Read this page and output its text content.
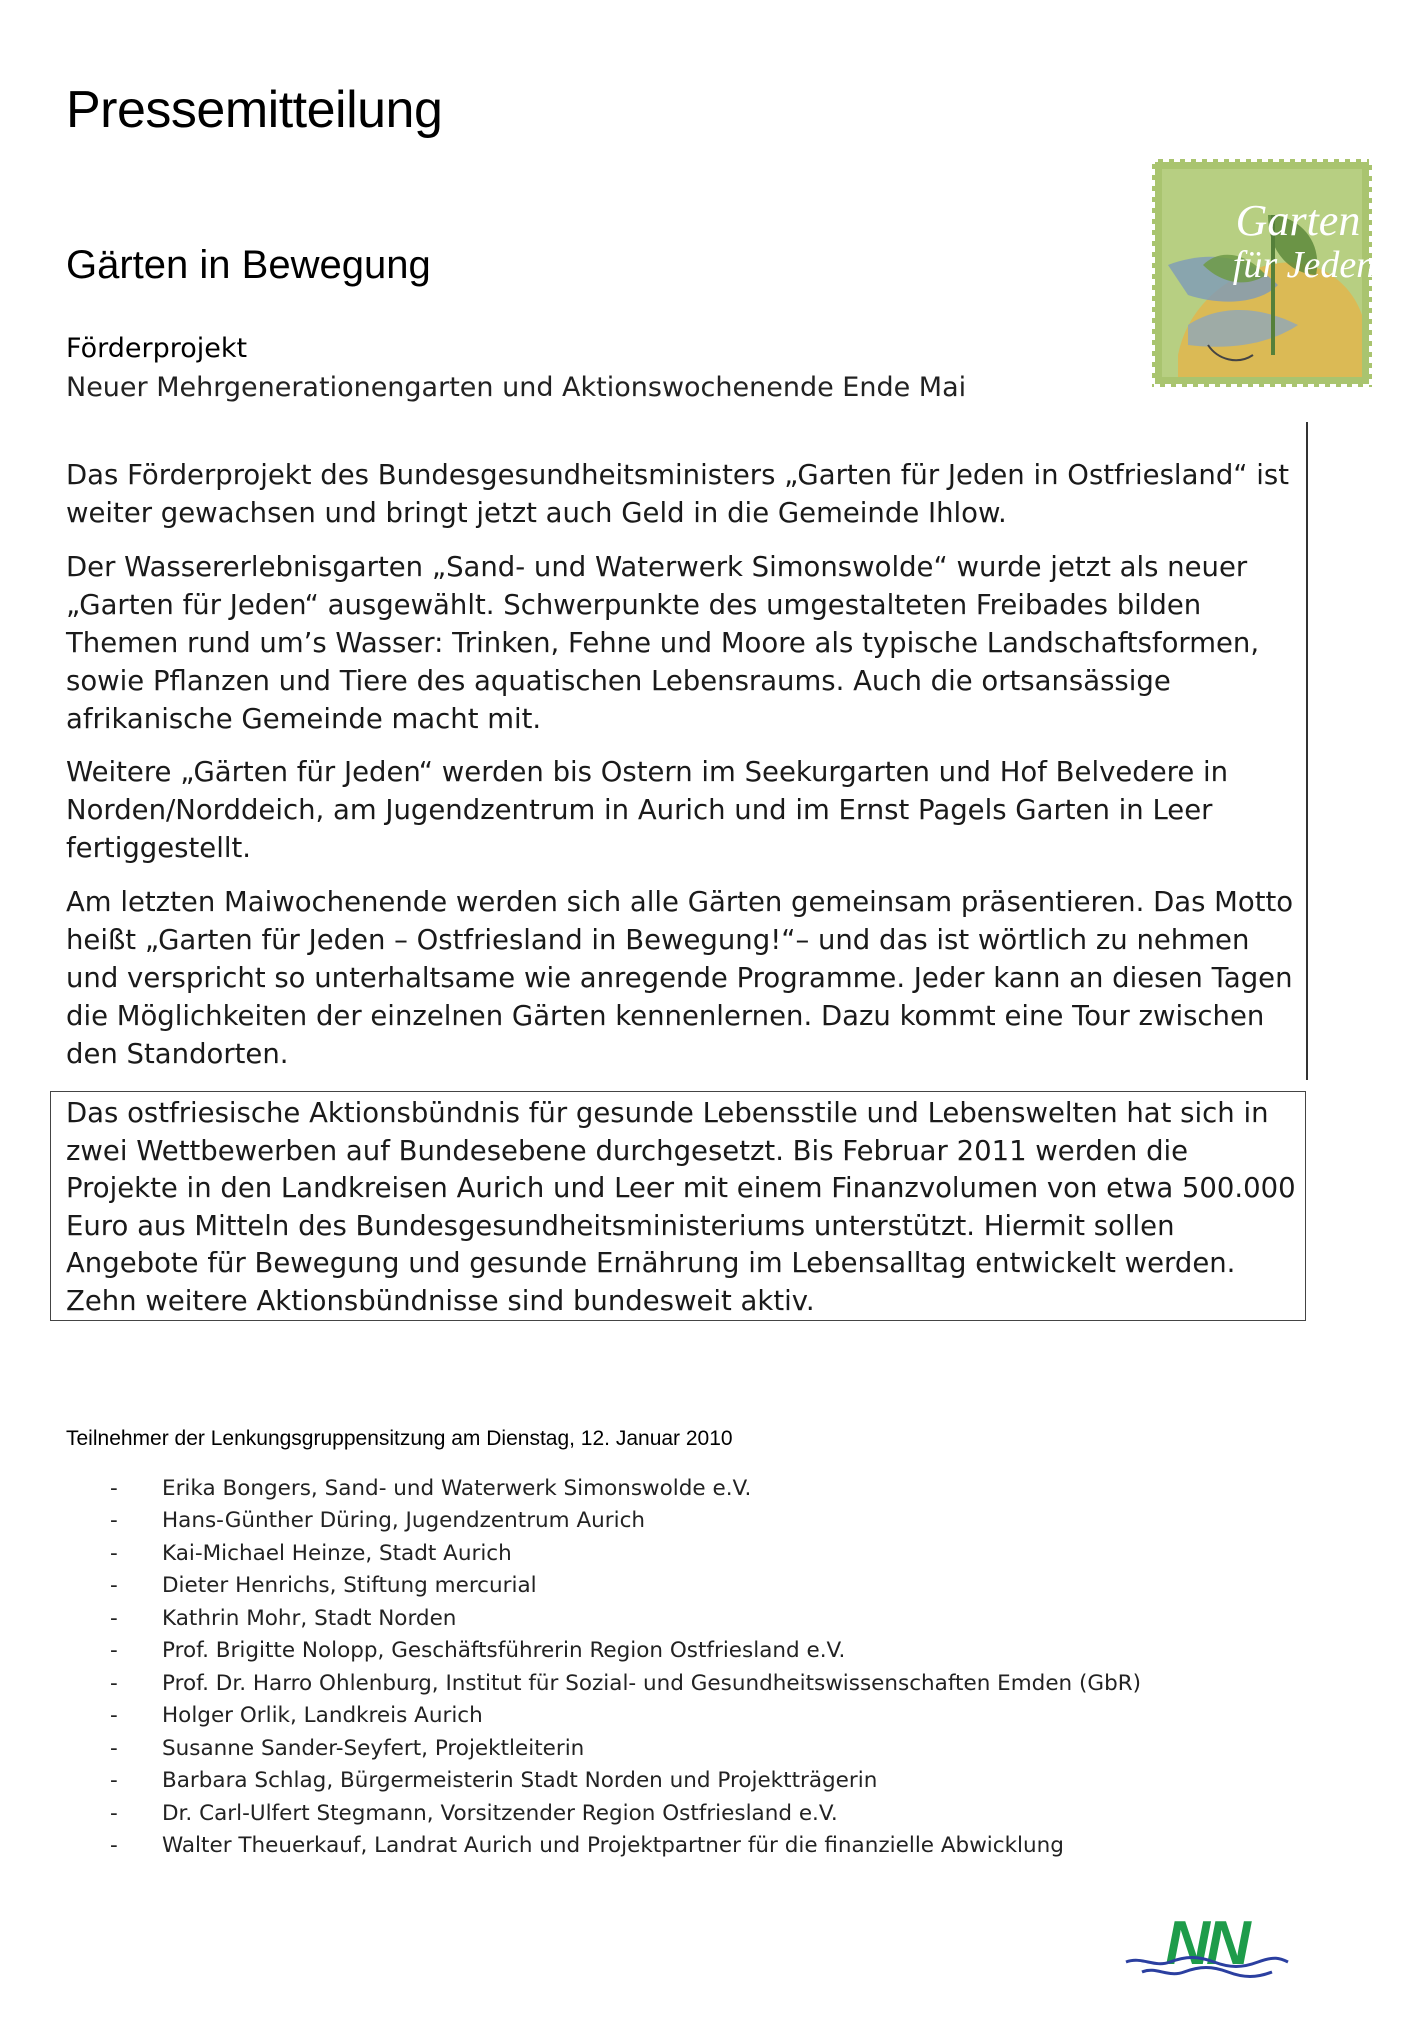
Pressemitteilung
Garten
für Jeden
Gärten in Bewegung
Förderprojekt
Neuer Mehrgenerationengarten und Aktionswochenende Ende Mai

Das Förderprojekt des Bundesgesundheitsministers „Garten für Jeden in Ostfriesland“ ist weiter gewachsen und bringt jetzt auch Geld in die Gemeinde Ihlow.

Der Wassererlebnisgarten „Sand- und Waterwerk Simonswolde“ wurde jetzt als neuer „Garten für Jeden“ ausgewählt. Schwerpunkte des umgestalteten Freibades bilden Themen rund um’s Wasser: Trinken, Fehne und Moore als typische Landschaftsformen, sowie Pflanzen und Tiere des aquatischen Lebensraums. Auch die ortsansässige afrikanische Gemeinde macht mit.

Weitere „Gärten für Jeden“ werden bis Ostern im Seekurgarten und Hof Belvedere in Norden/Norddeich, am Jugendzentrum in Aurich und im Ernst Pagels Garten in Leer fertiggestellt.

Am letzten Maiwochenende werden sich alle Gärten gemeinsam präsentieren. Das Motto heißt „Garten für Jeden – Ostfriesland in Bewegung!“– und das ist wörtlich zu nehmen und verspricht so unterhaltsame wie anregende Programme. Jeder kann an diesen Tagen die Möglichkeiten der einzelnen Gärten kennenlernen. Dazu kommt eine Tour zwischen den Standorten.

Das ostfriesische Aktionsbündnis für gesunde Lebensstile und Lebenswelten hat sich in zwei Wettbewerben auf Bundesebene durchgesetzt. Bis Februar 2011 werden die Projekte in den Landkreisen Aurich und Leer mit einem Finanzvolumen von etwa 500.000 Euro aus Mitteln des Bundesgesundheitsministeriums unterstützt. Hiermit sollen Angebote für Bewegung und gesunde Ernährung im Lebensalltag entwickelt werden. Zehn weitere Aktionsbündnisse sind bundesweit aktiv.

Teilnehmer der Lenkungsgruppensitzung am Dienstag, 12. Januar 2010
-	Erika Bongers, Sand- und Waterwerk Simonswolde e.V.
-	Hans-Günther Düring, Jugendzentrum Aurich
-	Kai-Michael Heinze, Stadt Aurich
-	Dieter Henrichs, Stiftung mercurial
-	Kathrin Mohr, Stadt Norden
-	Prof. Brigitte Nolopp, Geschäftsführerin Region Ostfriesland e.V.
-	Prof. Dr. Harro Ohlenburg, Institut für Sozial- und Gesundheitswissenschaften Emden (GbR)
-	Holger Orlik, Landkreis Aurich
-	Susanne Sander-Seyfert, Projektleiterin
-	Barbara Schlag, Bürgermeisterin Stadt Norden und Projektträgerin
-	Dr. Carl-Ulfert Stegmann, Vorsitzender Region Ostfriesland e.V.
-	Walter Theuerkauf, Landrat Aurich und Projektpartner für die finanzielle Abwicklung
NN
